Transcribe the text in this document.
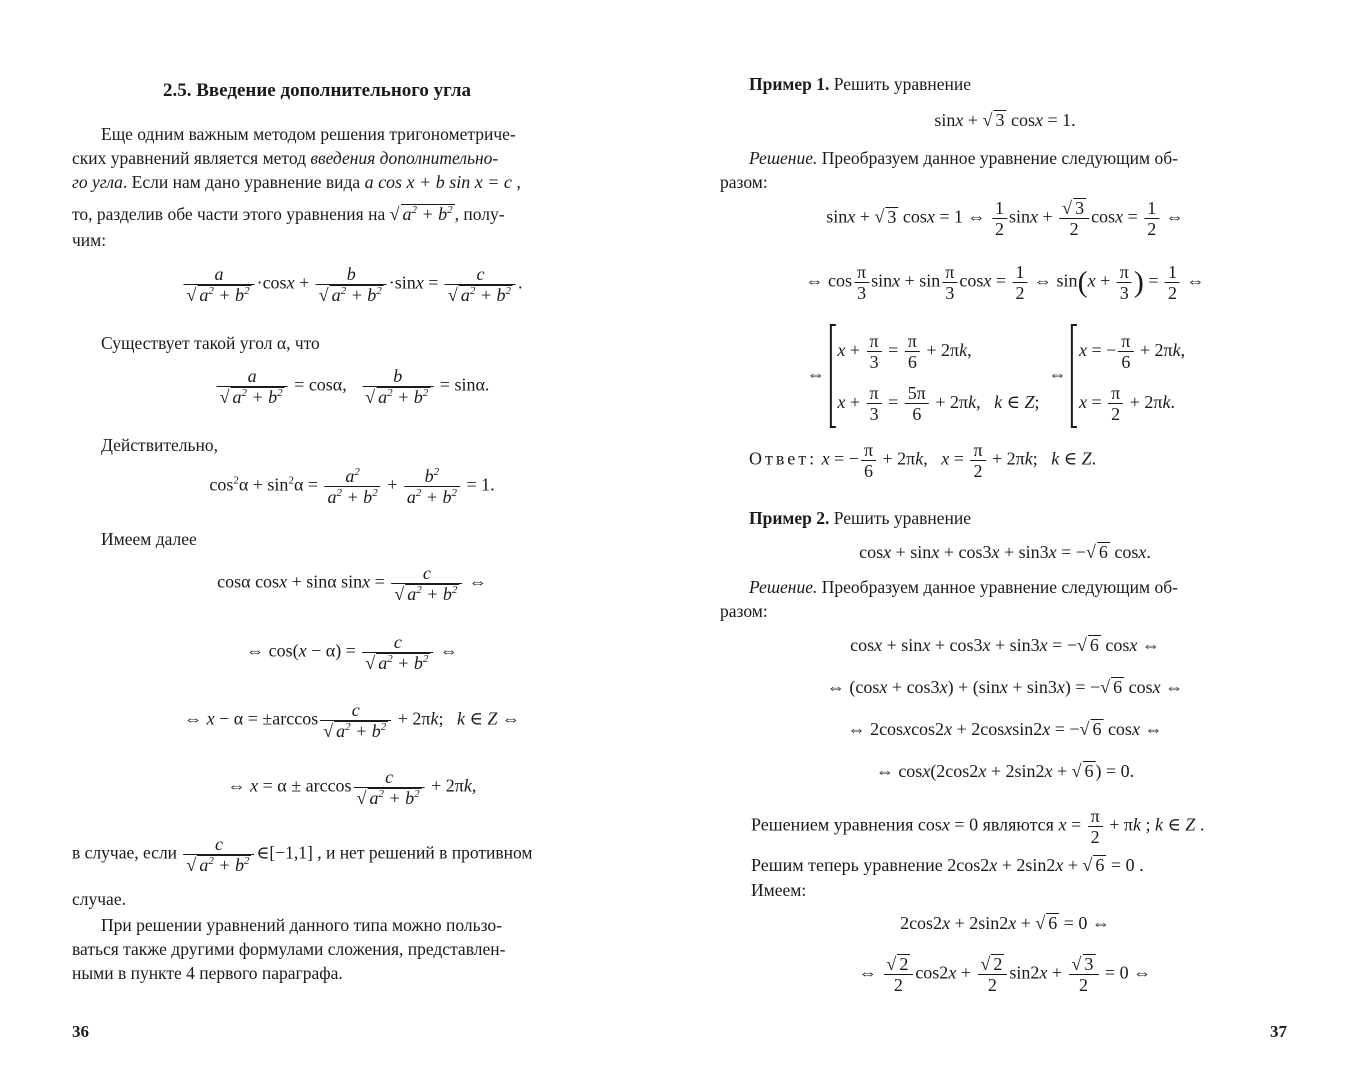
2.5. Введение дополнительного угла
Еще одним важным методом решения тригонометриче-
ских уравнений является метод введения дополнительно-
го угла. Если нам дано уравнение вида a cos x + b sin x = c ,
то, разделив обе части этого уравнения на √ $a^2 + b^2$ , полу-
чим:
$\frac{a}{√ a^2 + b^2} \cdot\cos x + \frac{b}{√ a^2 + b^2} \cdot\sin x = \frac{c}{√ a^2 + b^2}$ .
Существует такой угол α, что
$\frac{a}{√ a^2 + b^2} = \cos\alpha$, $\frac{b}{√ a^2 + b^2} = \sin\alpha$.
Действительно,
$\cos^2\alpha + \sin^2\alpha = \frac{a^2}{a^2 + b^2} + \frac{b^2}{a^2 + b^2} = 1$.
Имеем далее
cosα cosx + sinα $\sin x = \frac{c}{√ a^2 + b^2}$ ⇔
⇔ $\cos(x - \alpha) = \frac{c}{√ a^2 + b^2}$ ⇔
⇔ $x - \alpha = \pm\arccos \frac{c}{√ a^2 + b^2} + 2\pi k$;   k ∈ Z ⇔
⇔ $x = \alpha \pm \arccos \frac{c}{√ a^2 + b^2} + 2\pi k$,
в случае, если $\frac{c}{√ a^2 + b^2}$ ∈[−1,1] , и нет решений в противном
случае.
При решении уравнений данного типа можно пользо-
ваться также другими формулами сложения, представлен-
ными в пункте 4 первого параграфа.
36
Пример 1. Решить уравнение
sinx + √ 3 cosx = 1.
Решение. Преобразуем данное уравнение следующим об-
разом:
sinx + √ 3 cosx = 1 ⇔ $\frac{1}{2}$ $\sin x + \frac{√ 3}{2}$ $\cos x = \frac{1}{2}$ ⇔
⇔ $\cos \frac{\pi}{3}$ $\sin x + \sin \frac{\pi}{3}$ $\cos x = \frac{1}{2}$ ⇔ $\sin(x + \frac{\pi}{3}$ ) = $\frac{1}{2}$ ⇔
⇔
$x + \frac{\pi}{3} = \frac{\pi}{6} + 2\pi k$,
$x + \frac{\pi}{3} = \frac{5\pi}{6} + 2\pi k$,   k ∈ Z;
⇔
x = − $\frac{\pi}{6} + 2\pi k$,
$x = \frac{\pi}{2} + 2\pi k$.
Ответ: x = − $\frac{\pi}{6} + 2\pi k$,   $x = \frac{\pi}{2} + 2\pi k$;   k ∈ Z.
Пример 2. Решить уравнение
cosx + sinx + cos3x + sin3x = −√ 6 cosx.
Решение. Преобразуем данное уравнение следующим об-
разом:
cosx + sinx + cos3x + sin3x = −√ 6 cosx ⇔
⇔ (cosx + cos3x) + (sinx + sin3x) = −√ 6 cosx ⇔
⇔ 2cosxcos2x + 2cosxsin2x = −√ 6 cosx ⇔
⇔ cosx(2cos2x + 2sin2x + √ 6 ) = 0.
Решением уравнения cosx = 0 являются $x = \frac{\pi}{2} + \pi k$ ; k ∈ Z .
Решим теперь уравнение 2cos2x + 2sin2x + √ 6 = 0 .
Имеем:
2cos2x + 2sin2x + √ 6 = 0 ⇔
⇔ $\frac{√ 2}{2} \cos 2x + \frac{√ 2}{2} \sin 2x + \frac{√ 3}{2} = 0$ ⇔
37
